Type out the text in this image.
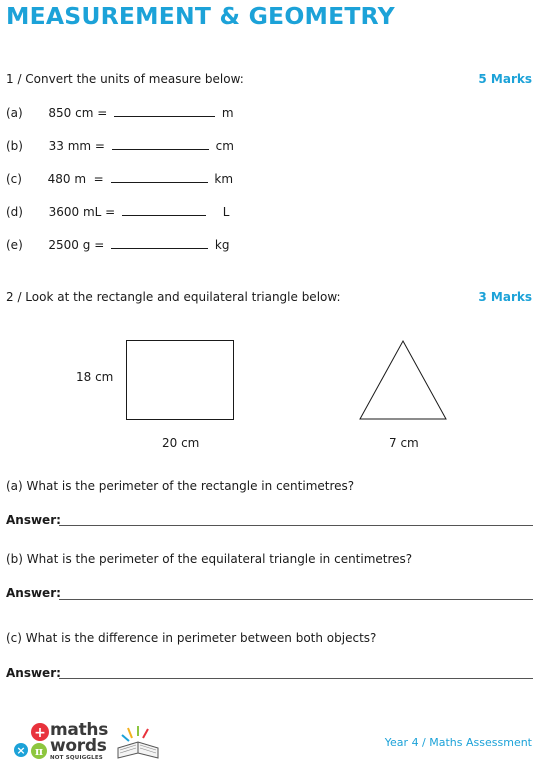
MEASUREMENT & GEOMETRY
1 / Convert the units of measure below:	5 Marks
(a) 850 cm =	m
(b) 33 mm =	cm
(c) 480 m  =	km
(d) 3600 mL =	L
(e) 2500 g =	kg
2 / Look at the rectangle and equilateral triangle below:	3 Marks
18 cm
20 cm	7 cm
(a) What is the perimeter of the rectangle in centimetres?
Answer:
(b) What is the perimeter of the equilateral triangle in centimetres?
Answer:
(c) What is the difference in perimeter between both objects?
Answer:
+
× π
maths
words
NOT SQUIGGLES
Year 4 / Maths Assessment
